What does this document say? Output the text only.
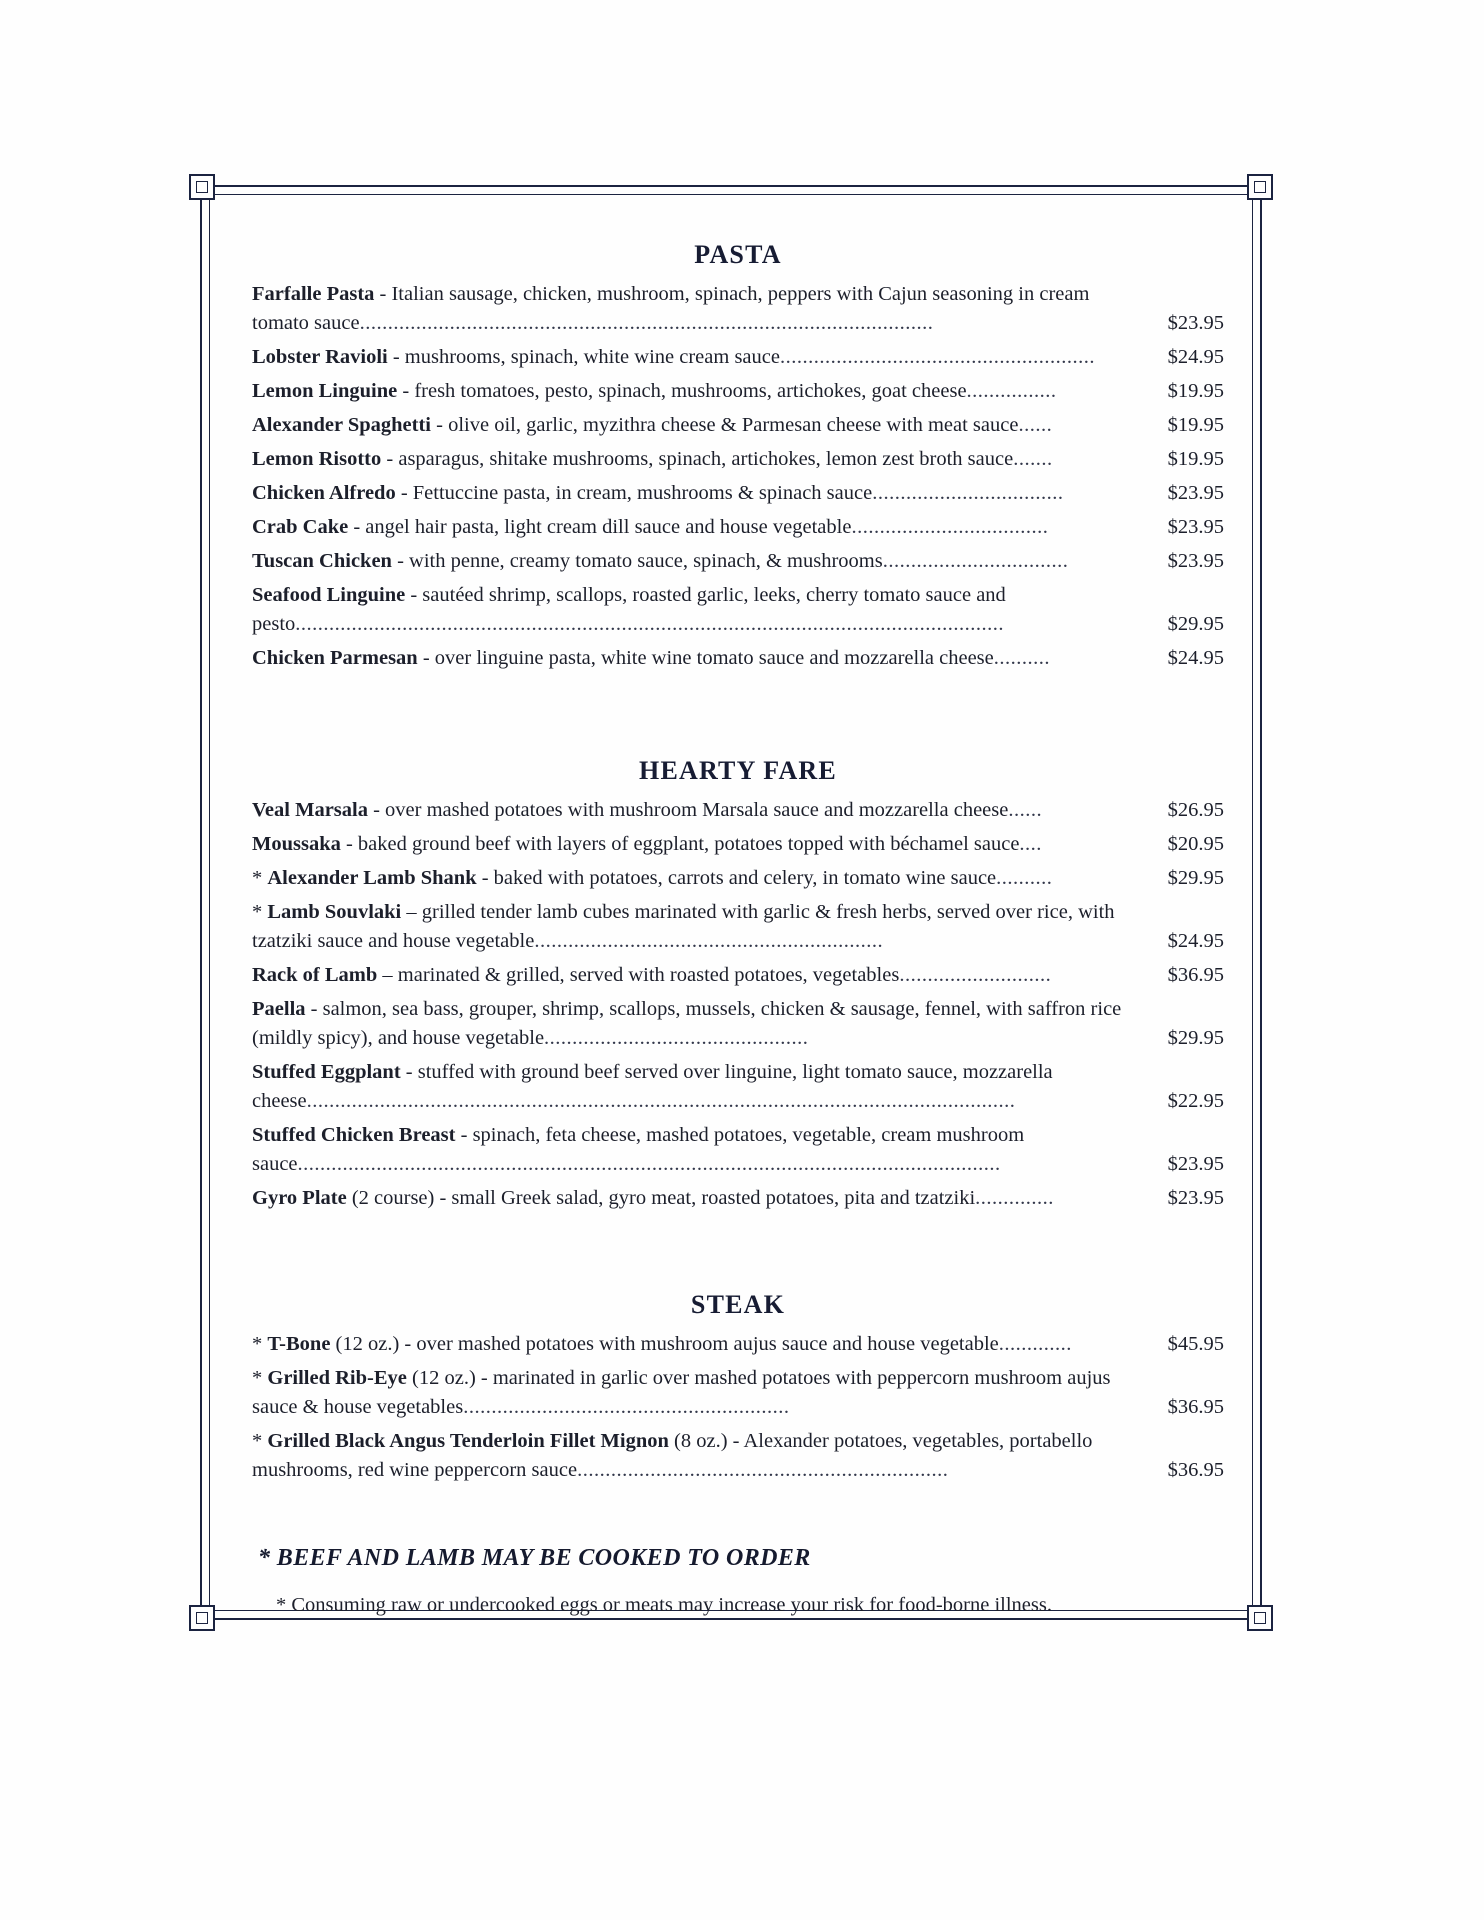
PASTA
Farfalle Pasta - Italian sausage, chicken, mushroom, spinach, peppers with Cajun seasoning in cream tomato sauce......................................................................................................	$23.95
Lobster Ravioli - mushrooms, spinach, white wine cream sauce........................................................	$24.95
Lemon Linguine - fresh tomatoes, pesto, spinach, mushrooms, artichokes, goat cheese................	$19.95
Alexander Spaghetti - olive oil, garlic, myzithra cheese & Parmesan cheese with meat sauce......	$19.95
Lemon Risotto - asparagus, shitake mushrooms, spinach, artichokes, lemon zest broth sauce.......	$19.95
Chicken Alfredo - Fettuccine pasta, in cream, mushrooms & spinach sauce..................................	$23.95
Crab Cake - angel hair pasta, light cream dill sauce and house vegetable...................................	$23.95
Tuscan Chicken - with penne, creamy tomato sauce, spinach, & mushrooms.................................	$23.95
Seafood Linguine - sautéed shrimp, scallops, roasted garlic, leeks, cherry tomato sauce and pesto..............................................................................................................................	$29.95
Chicken Parmesan - over linguine pasta, white wine tomato sauce and mozzarella cheese..........	$24.95
HEARTY FARE
Veal Marsala - over mashed potatoes with mushroom Marsala sauce and mozzarella cheese......	$26.95
Moussaka - baked ground beef with layers of eggplant, potatoes topped with béchamel sauce....	$20.95
* Alexander Lamb Shank - baked with potatoes, carrots and celery, in tomato wine sauce..........	$29.95
* Lamb Souvlaki – grilled tender lamb cubes marinated with garlic & fresh herbs, served over rice, with tzatziki sauce and house vegetable..............................................................	$24.95
Rack of Lamb – marinated & grilled, served with roasted potatoes, vegetables...........................	$36.95
Paella - salmon, sea bass, grouper, shrimp, scallops, mussels, chicken & sausage, fennel, with saffron rice (mildly spicy), and house vegetable...............................................	$29.95
Stuffed Eggplant - stuffed with ground beef served over linguine, light tomato sauce, mozzarella cheese..............................................................................................................................	$22.95
Stuffed Chicken Breast - spinach, feta cheese, mashed potatoes, vegetable, cream mushroom sauce.............................................................................................................................	$23.95
Gyro Plate (2 course) - small Greek salad, gyro meat, roasted potatoes, pita and tzatziki..............	$23.95
STEAK
* T-Bone (12 oz.) - over mashed potatoes with mushroom aujus sauce and house vegetable.............	$45.95
* Grilled Rib-Eye (12 oz.) - marinated in garlic over mashed potatoes with peppercorn mushroom aujus sauce & house vegetables..........................................................	$36.95
* Grilled Black Angus Tenderloin Fillet Mignon (8 oz.) - Alexander potatoes, vegetables, portabello mushrooms, red wine peppercorn sauce..................................................................	$36.95
* BEEF AND LAMB MAY BE COOKED TO ORDER
* Consuming raw or undercooked eggs or meats may increase your risk for food-borne illness.
